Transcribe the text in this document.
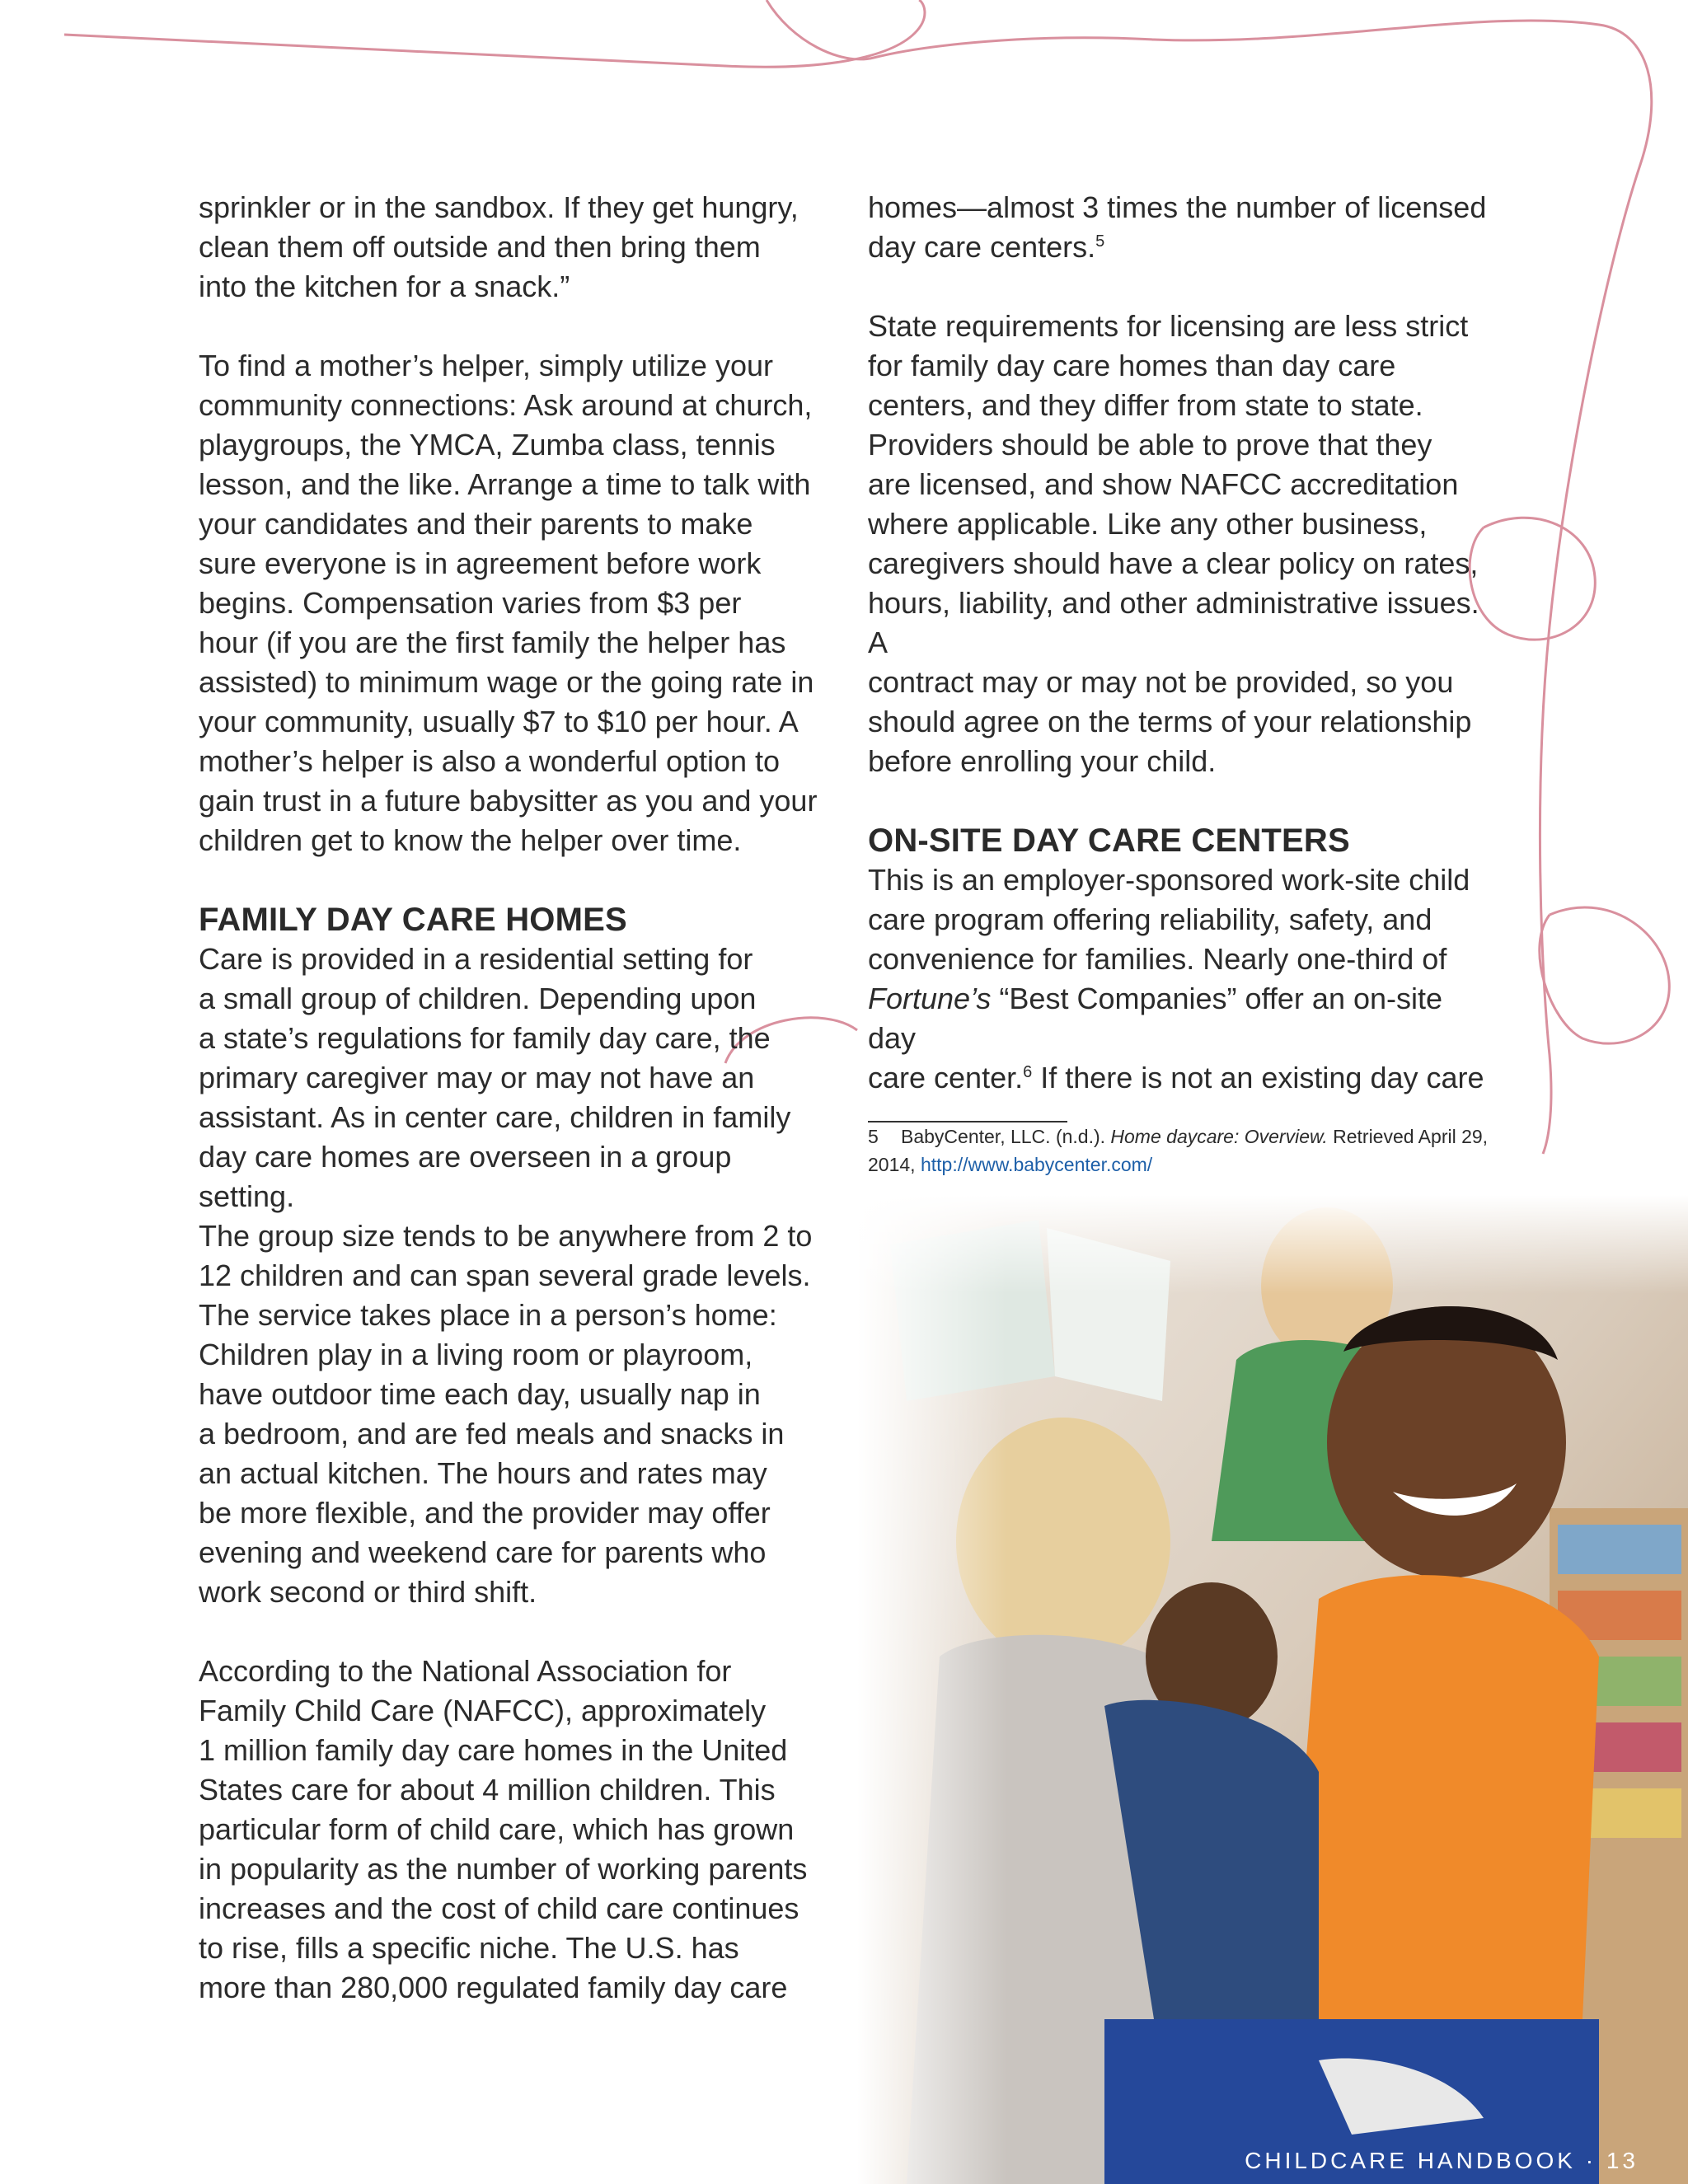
sprinkler or in the sandbox. If they get hungry,
clean them off outside and then bring them
into the kitchen for a snack.”

To find a mother’s helper, simply utilize your
community connections: Ask around at church,
playgroups, the YMCA, Zumba class, tennis
lesson, and the like. Arrange a time to talk with
your candidates and their parents to make
sure everyone is in agreement before work
begins. Compensation varies from $3 per
hour (if you are the first family the helper has
assisted) to minimum wage or the going rate in
your community, usually $7 to $10 per hour. A
mother’s helper is also a wonderful option to
gain trust in a future babysitter as you and your
children get to know the helper over time.

FAMILY DAY CARE HOMES

Care is provided in a residential setting for
a small group of children. Depending upon
a state’s regulations for family day care, the
primary caregiver may or may not have an
assistant. As in center care, children in family
day care homes are overseen in a group setting.
The group size tends to be anywhere from 2 to
12 children and can span several grade levels.
The service takes place in a person’s home:
Children play in a living room or playroom,
have outdoor time each day, usually nap in
a bedroom, and are fed meals and snacks in
an actual kitchen. The hours and rates may
be more flexible, and the provider may offer
evening and weekend care for parents who
work second or third shift.

According to the National Association for
Family Child Care (NAFCC), approximately
1 million family day care homes in the United
States care for about 4 million children. This
particular form of child care, which has grown
in popularity as the number of working parents
increases and the cost of child care continues
to rise, fills a specific niche. The U.S. has
more than 280,000 regulated family day care

homes—almost 3 times the number of licensed
day care centers.$^5$

State requirements for licensing are less strict
for family day care homes than day care
centers, and they differ from state to state.
Providers should be able to prove that they
are licensed, and show NAFCC accreditation
where applicable. Like any other business,
caregivers should have a clear policy on rates,
hours, liability, and other administrative issues. A
contract may or may not be provided, so you
should agree on the terms of your relationship
before enrolling your child.

ON-SITE DAY CARE CENTERS

This is an employer-sponsored work-site child
care program offering reliability, safety, and
convenience for families. Nearly one-third of
Fortune’s “Best Companies” offer an on-site day
care center.$^6$ If there is not an existing day care

5 BabyCenter, LLC. (n.d.). Home daycare: Overview. Retrieved April 29, 2014, http://www.babycenter.com/

CHILDCARE HANDBOOK · 13
